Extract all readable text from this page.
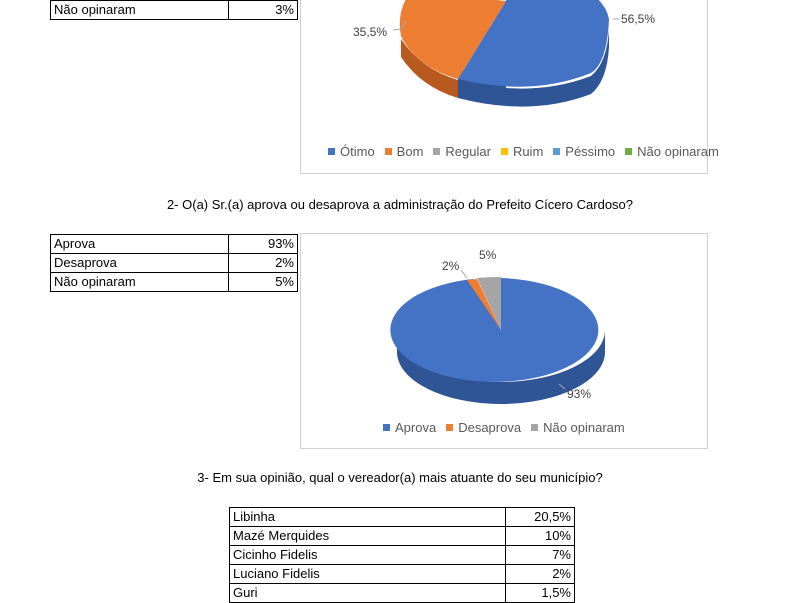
Não opinaram	3%
35,5%
56,5%
Ótimo Bom Regular Ruim Péssimo Não opinaram
2- O(a) Sr.(a) aprova ou desaprova a administração do Prefeito Cícero Cardoso?
Aprova	93%
Desaprova	2%
Não opinaram	5%
2%
5%
93%
Aprova Desaprova Não opinaram
3- Em sua opinião, qual o vereador(a) mais atuante do seu município?
Libinha	20,5%
Mazé Merquides	10%
Cicinho Fidelis	7%
Luciano Fidelis	2%
Guri	1,5%
